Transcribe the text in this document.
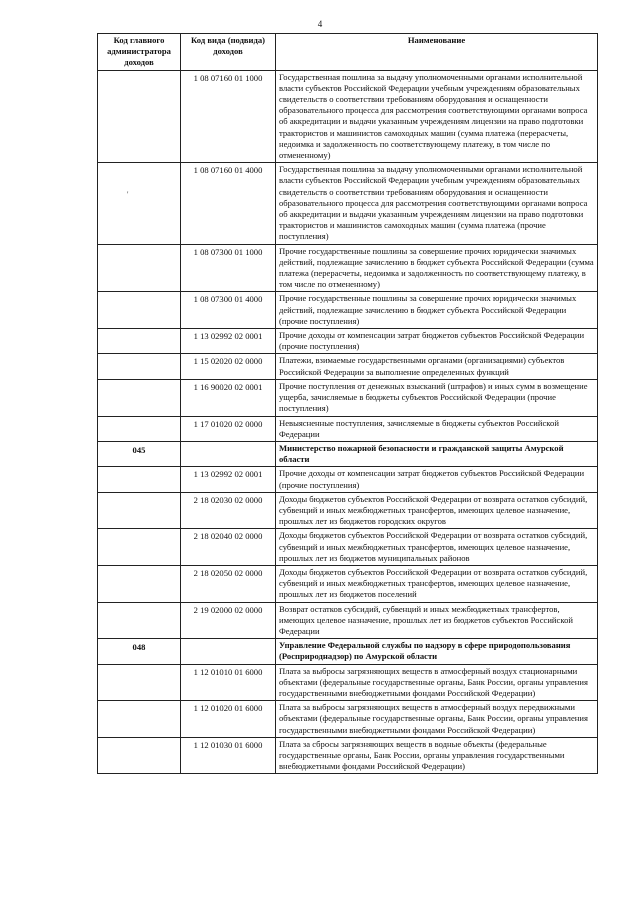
4
'
Код главного администратора доходов	Код вида (подвида) доходов	Наименование
	1 08 07160 01 1000	Государственная пошлина за выдачу уполномоченными органами исполнительной власти субъектов Российской Федерации учебным учреждениям образовательных свидетельств о соответствии требованиям оборудования и оснащенности образовательного процесса для рассмотрения соответствующими органами вопроса об аккредитации и выдачи указанным учреждениям лицензии на право подготовки трактористов и машинистов самоходных машин (сумма платежа (перерасчеты, недоимка и задолженность по соответствующему платежу, в том числе по отмененному)
	1 08 07160 01 4000	Государственная пошлина за выдачу уполномоченными органами исполнительной власти субъектов Российской Федерации учебным учреждениям образовательных свидетельств о соответствии требованиям оборудования и оснащенности образовательного процесса для рассмотрения соответствующими органами вопроса об аккредитации и выдачи указанным учреждениям лицензии на право подготовки трактористов и машинистов самоходных машин (сумма платежа (прочие поступления)
	1 08 07300 01 1000	Прочие государственные пошлины за совершение прочих юридически значимых действий, подлежащие зачислению в бюджет субъекта Российской Федерации (сумма платежа (перерасчеты, недоимка и задолженность по соответствующему платежу, в том числе по отмененному)
	1 08 07300 01 4000	Прочие государственные пошлины за совершение прочих юридически значимых действий, подлежащие зачислению в бюджет субъекта Российской Федерации (прочие поступления)
	1 13 02992 02 0001	Прочие доходы от компенсации затрат бюджетов субъектов Российской Федерации (прочие поступления)
	1 15 02020 02 0000	Платежи, взимаемые государственными органами (организациями) субъектов Российской Федерации за выполнение определенных функций
	1 16 90020 02 0001	Прочие поступления от денежных взысканий (штрафов) и иных сумм в возмещение ущерба, зачисляемые в бюджеты субъектов Российской Федерации (прочие поступления)
	1 17 01020 02 0000	Невыясненные поступления, зачисляемые в бюджеты субъектов Российской Федерации
045		Министерство пожарной безопасности и гражданской защиты Амурской области
	1 13 02992 02 0001	Прочие доходы от компенсации затрат бюджетов субъектов Российской Федерации (прочие поступления)
	2 18 02030 02 0000	Доходы бюджетов субъектов Российской Федерации от возврата остатков субсидий, субвенций и иных межбюджетных трансфертов, имеющих целевое назначение, прошлых лет из бюджетов городских округов
	2 18 02040 02 0000	Доходы бюджетов субъектов Российской Федерации от возврата остатков субсидий, субвенций и иных межбюджетных трансфертов, имеющих целевое назначение, прошлых лет из бюджетов муниципальных районов
	2 18 02050 02 0000	Доходы бюджетов субъектов Российской Федерации от возврата остатков субсидий, субвенций и иных межбюджетных трансфертов, имеющих целевое назначение, прошлых лет из бюджетов поселений
	2 19 02000 02 0000	Возврат остатков субсидий, субвенций и иных межбюджетных трансфертов, имеющих целевое назначение, прошлых лет из бюджетов субъектов Российской Федерации
048		Управление Федеральной службы по надзору в сфере природопользования (Росприроднадзор) по Амурской области
	1 12 01010 01 6000	Плата за выбросы загрязняющих веществ в атмосферный воздух стационарными объектами (федеральные государственные органы, Банк России, органы управления государственными внебюджетными фондами Российской Федерации)
	1 12 01020 01 6000	Плата за выбросы загрязняющих веществ в атмосферный воздух передвижными объектами (федеральные государственные органы, Банк России, органы управления государственными внебюджетными фондами Российской Федерации)
	1 12 01030 01 6000	Плата за сбросы загрязняющих веществ в водные объекты (федеральные государственные органы, Банк России, органы управления государственными внебюджетными фондами Российской Федерации)
